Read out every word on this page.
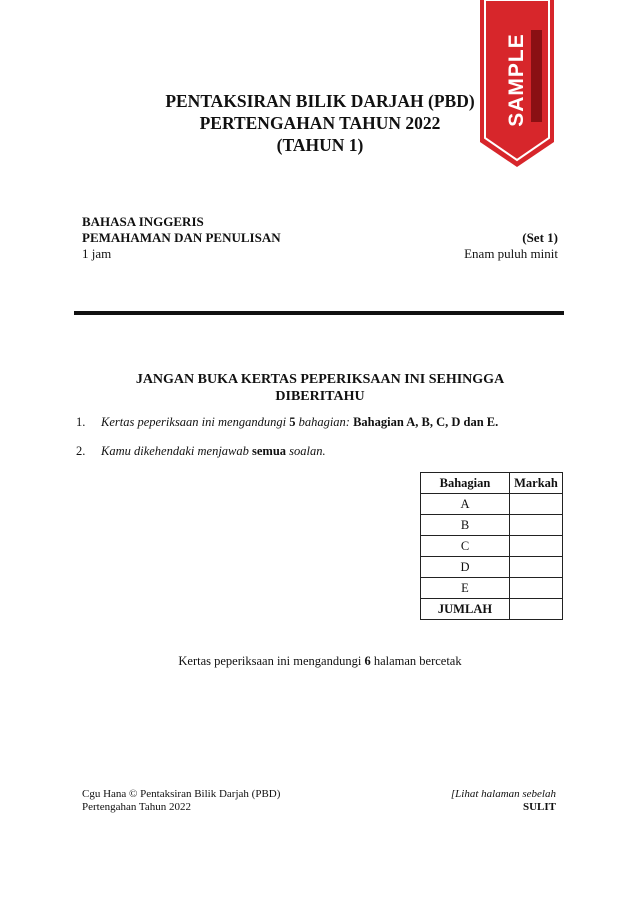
PENTAKSIRAN BILIK DARJAH (PBD)
PERTENGAHAN TAHUN 2022
(TAHUN 1)
SAMPLE
BAHASA INGGERIS
PEMAHAMAN DAN PENULISAN	(Set 1)
1 jam	Enam puluh minit
JANGAN BUKA KERTAS PEPERIKSAAN INI SEHINGGA
DIBERITAHU
1. Kertas peperiksaan ini mengandungi 5 bahagian: Bahagian A, B, C, D dan E.
2. Kamu dikehendaki menjawab semua soalan.
Bahagian	Markah
A	
B	
C	
D	
E	
JUMLAH	
Kertas peperiksaan ini mengandungi 6 halaman bercetak
Cgu Hana © Pentaksiran Bilik Darjah (PBD)
Pertengahan Tahun 2022
[Lihat halaman sebelah
SULIT
